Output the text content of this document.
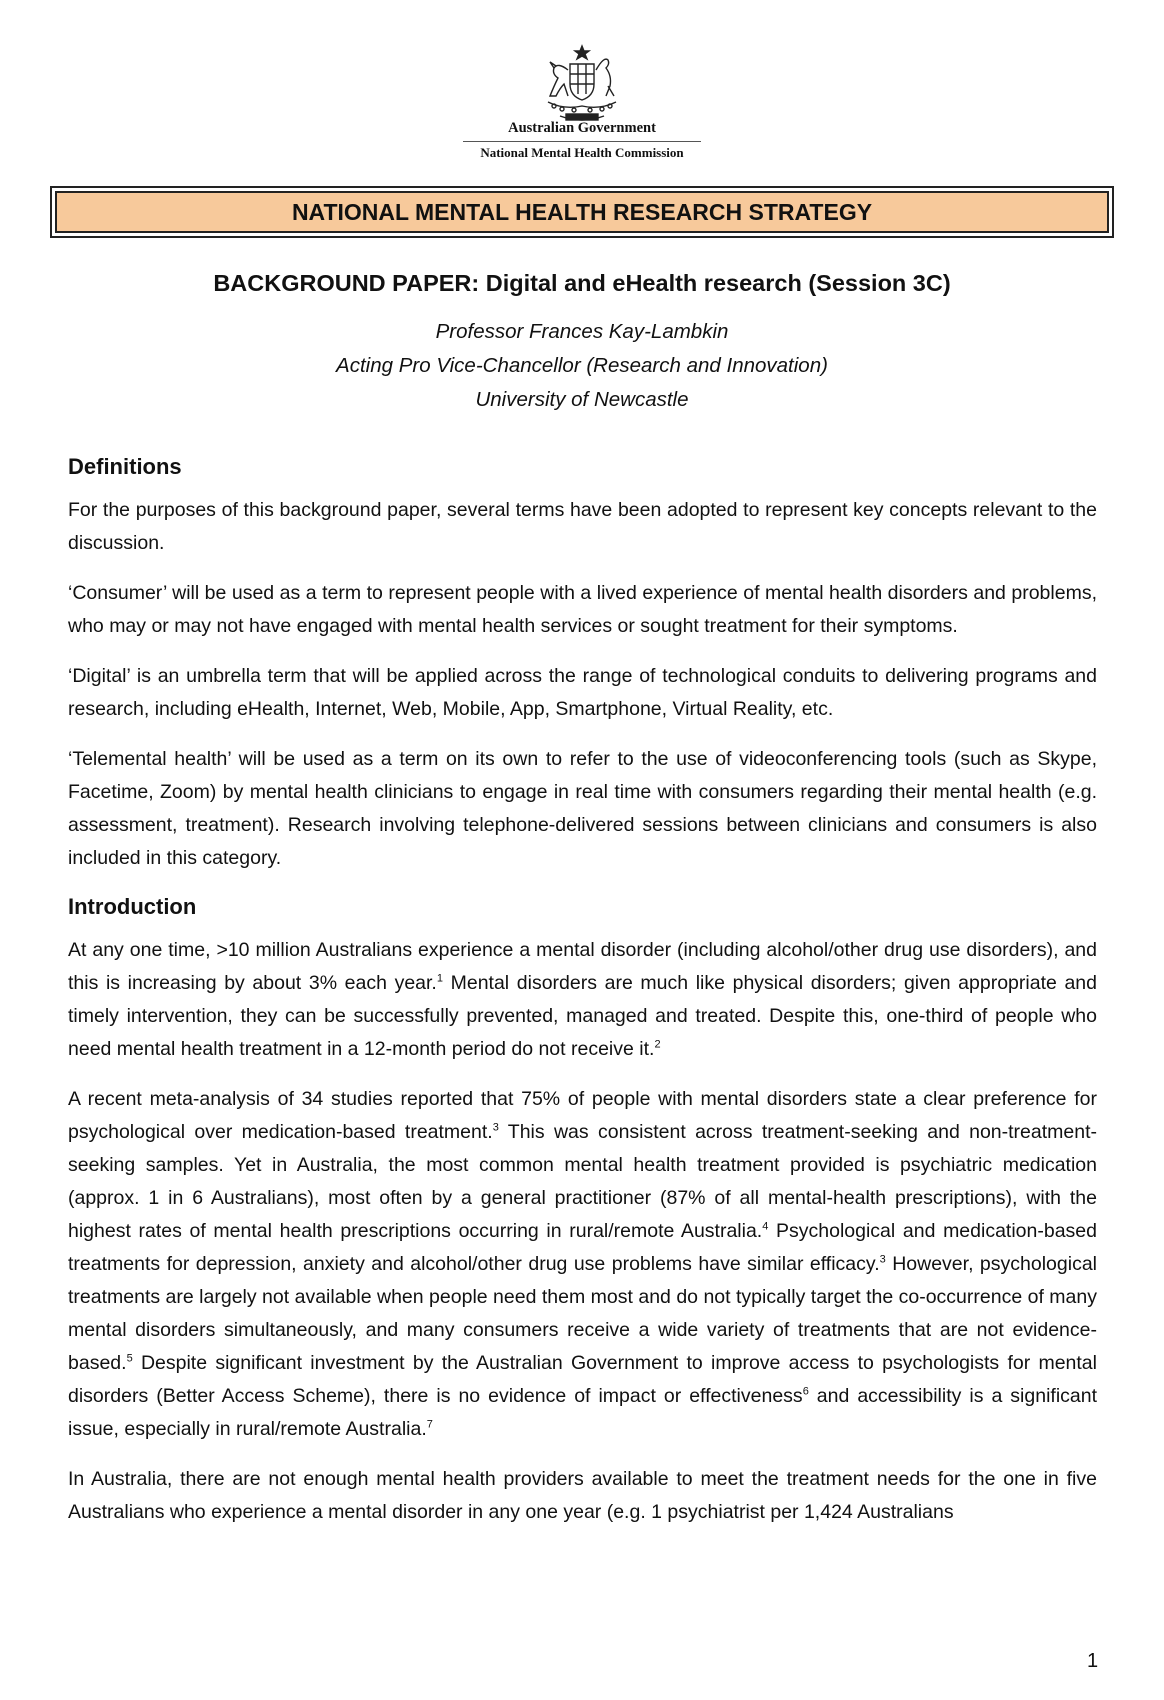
Australian Government
National Mental Health Commission
NATIONAL MENTAL HEALTH RESEARCH STRATEGY
BACKGROUND PAPER: Digital and eHealth research (Session 3C)
Professor Frances Kay-Lambkin
Acting Pro Vice-Chancellor (Research and Innovation)
University of Newcastle
Definitions

For the purposes of this background paper, several terms have been adopted to represent key concepts relevant to the discussion.

‘Consumer’ will be used as a term to represent people with a lived experience of mental health disorders and problems, who may or may not have engaged with mental health services or sought treatment for their symptoms.

‘Digital’ is an umbrella term that will be applied across the range of technological conduits to delivering programs and research, including eHealth, Internet, Web, Mobile, App, Smartphone, Virtual Reality, etc.

‘Telemental health’ will be used as a term on its own to refer to the use of videoconferencing tools (such as Skype, Facetime, Zoom) by mental health clinicians to engage in real time with consumers regarding their mental health (e.g. assessment, treatment). Research involving telephone-delivered sessions between clinicians and consumers is also included in this category.

Introduction

At any one time, >10 million Australians experience a mental disorder (including alcohol/other drug use disorders), and this is increasing by about 3% each year.$^1$ Mental disorders are much like physical disorders; given appropriate and timely intervention, they can be successfully prevented, managed and treated. Despite this, one-third of people who need mental health treatment in a 12-month period do not receive it.$^2$

A recent meta-analysis of 34 studies reported that 75% of people with mental disorders state a clear preference for psychological over medication-based treatment.$^3$ This was consistent across treatment-seeking and non-treatment-seeking samples. Yet in Australia, the most common mental health treatment provided is psychiatric medication (approx. 1 in 6 Australians), most often by a general practitioner (87% of all mental-health prescriptions), with the highest rates of mental health prescriptions occurring in rural/remote Australia.$^4$ Psychological and medication-based treatments for depression, anxiety and alcohol/other drug use problems have similar efficacy.$^3$ However, psychological treatments are largely not available when people need them most and do not typically target the co-occurrence of many mental disorders simultaneously, and many consumers receive a wide variety of treatments that are not evidence-based.$^5$ Despite significant investment by the Australian Government to improve access to psychologists for mental disorders (Better Access Scheme), there is no evidence of impact or effectiveness$^6$ and accessibility is a significant issue, especially in rural/remote Australia.$^7$

In Australia, there are not enough mental health providers available to meet the treatment needs for the one in five Australians who experience a mental disorder in any one year (e.g. 1 psychiatrist per 1,424 Australians

1
